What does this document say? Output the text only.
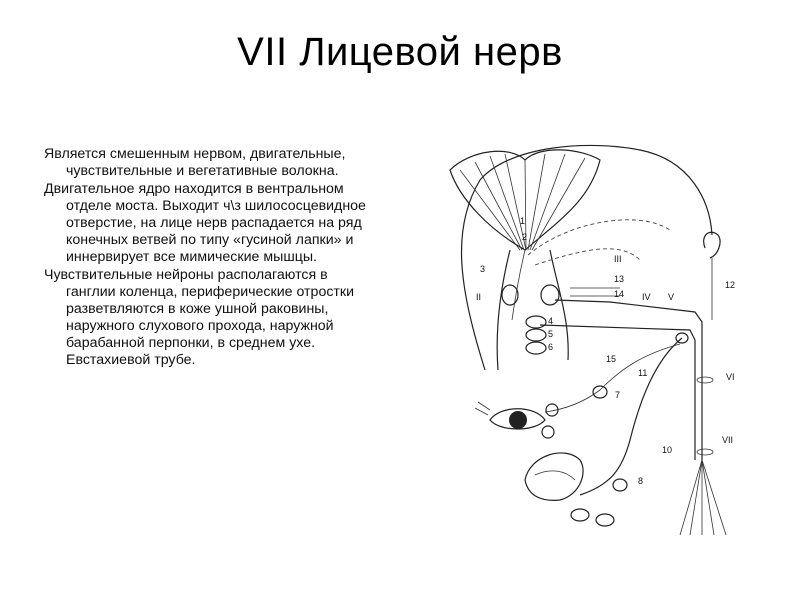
VII Лицевой нерв

Является смешенным нервом, двигательные, чувствительные и вегетативные волокна.

Двигательное ядро находится в вентральном отделе моста. Выходит ч\з шилососцевидное отверстие, на лице нерв распадается на ряд конечных ветвей по типу «гусиной лапки» и иннервирует все мимические мышцы.

Чувствительные нейроны располагаются в ганглии коленца, периферические отростки разветвляются в коже ушной раковины, наружного слухового прохода, наружной барабанной перпонки, в среднем ухе. Евстахиевой трубе.

1
2
3
4
5
6
7
8
10
11
12
13
14
15
II
III
IV V
VI
VII
